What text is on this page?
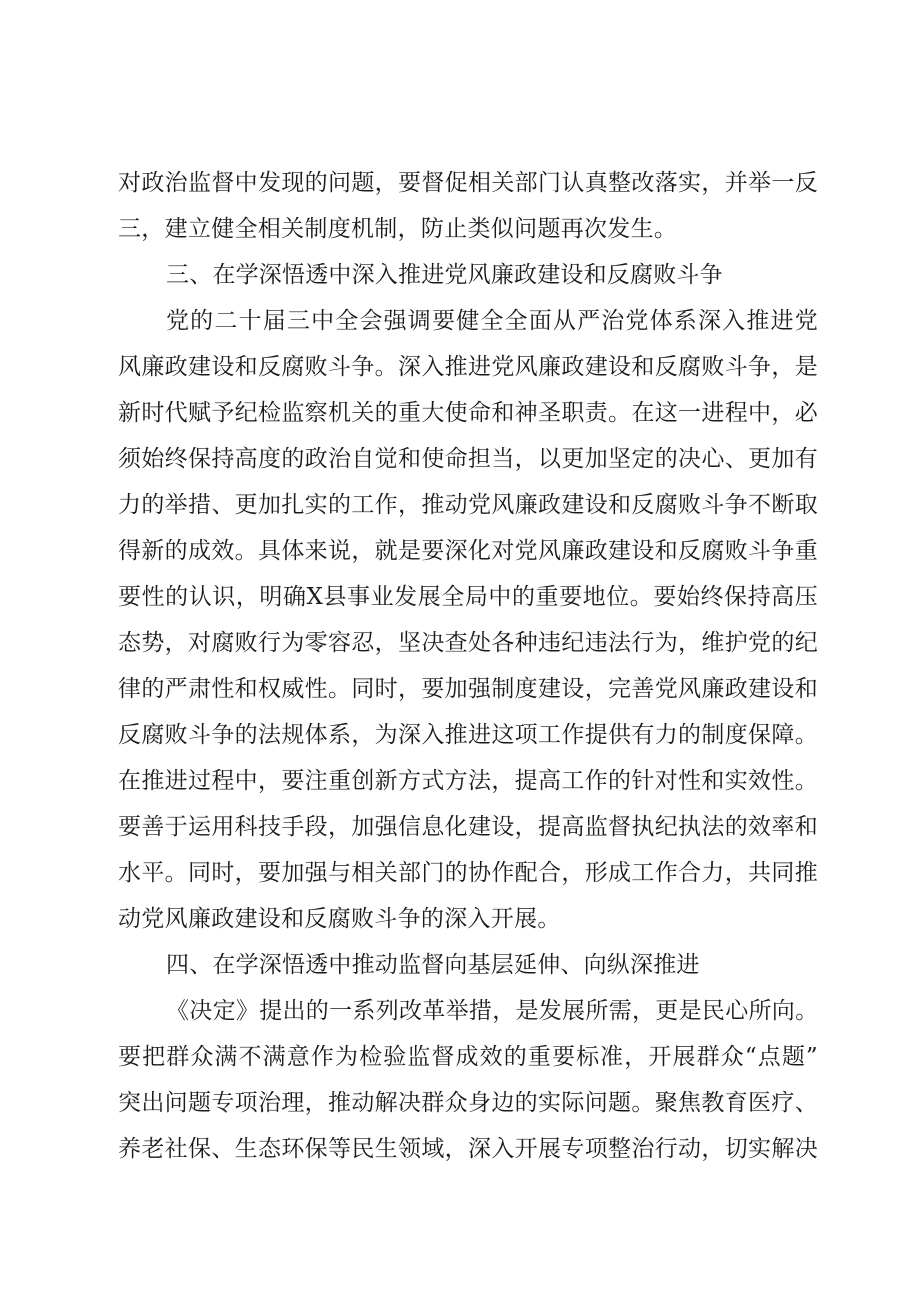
对政治监督中发现的问题，要督促相关部门认真整改落实，并举一反
三，建立健全相关制度机制，防止类似问题再次发生。
三、在学深悟透中深入推进党风廉政建设和反腐败斗争
党的二十届三中全会强调要健全全面从严治党体系深入推进党
风廉政建设和反腐败斗争。深入推进党风廉政建设和反腐败斗争，是
新时代赋予纪检监察机关的重大使命和神圣职责。在这一进程中，必
须始终保持高度的政治自觉和使命担当，以更加坚定的决心、更加有
力的举措、更加扎实的工作，推动党风廉政建设和反腐败斗争不断取
得新的成效。具体来说，就是要深化对党风廉政建设和反腐败斗争重
要性的认识，明确X县事业发展全局中的重要地位。要始终保持高压
态势，对腐败行为零容忍，坚决查处各种违纪违法行为，维护党的纪
律的严肃性和权威性。同时，要加强制度建设，完善党风廉政建设和
反腐败斗争的法规体系，为深入推进这项工作提供有力的制度保障。
在推进过程中，要注重创新方式方法，提高工作的针对性和实效性。
要善于运用科技手段，加强信息化建设，提高监督执纪执法的效率和
水平。同时，要加强与相关部门的协作配合，形成工作合力，共同推
动党风廉政建设和反腐败斗争的深入开展。
四、在学深悟透中推动监督向基层延伸、向纵深推进
《决定》提出的一系列改革举措，是发展所需，更是民心所向。
要把群众满不满意作为检验监督成效的重要标准，开展群众“点题”
突出问题专项治理，推动解决群众身边的实际问题。聚焦教育医疗、
养老社保、生态环保等民生领域，深入开展专项整治行动，切实解决
